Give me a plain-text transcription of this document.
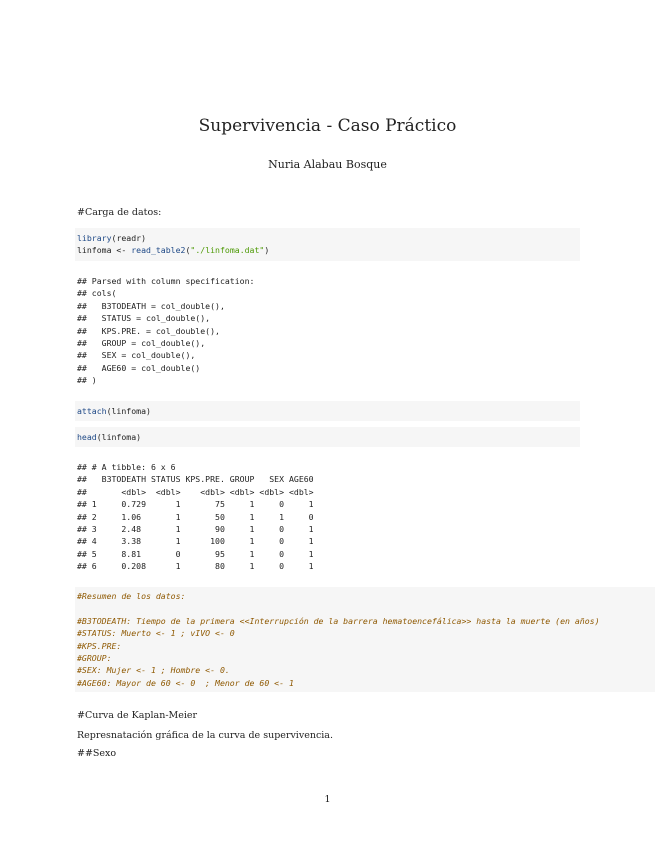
Supervivencia - Caso Práctico
Nuria Alabau Bosque
#Carga de datos:
library(readr)
linfoma <- read_table2("./linfoma.dat")
## Parsed with column specification:
## cols(
##   B3TODEATH = col_double(),
##   STATUS = col_double(),
##   KPS.PRE. = col_double(),
##   GROUP = col_double(),
##   SEX = col_double(),
##   AGE60 = col_double()
## )
attach(linfoma)
head(linfoma)
## # A tibble: 6 x 6
##   B3TODEATH STATUS KPS.PRE. GROUP   SEX AGE60
##       <dbl>  <dbl>    <dbl> <dbl> <dbl> <dbl>
## 1     0.729      1       75     1     0     1
## 2     1.06       1       50     1     1     0
## 3     2.48       1       90     1     0     1
## 4     3.38       1      100     1     0     1
## 5     8.81       0       95     1     0     1
## 6     0.208      1       80     1     0     1
#Resumen de los datos:
#B3TODEATH: Tiempo de la primera <<Interrupción de la barrera hematoencefálica>> hasta la muerte (en años)
#STATUS: Muerto <- 1 ; vIVO <- 0
#KPS.PRE:
#GROUP:
#SEX: Mujer <- 1 ; Hombre <- 0.
#AGE60: Mayor de 60 <- 0  ; Menor de 60 <- 1
#Curva de Kaplan-Meier
Represnatación gráfica de la curva de supervivencia.
##Sexo
1
